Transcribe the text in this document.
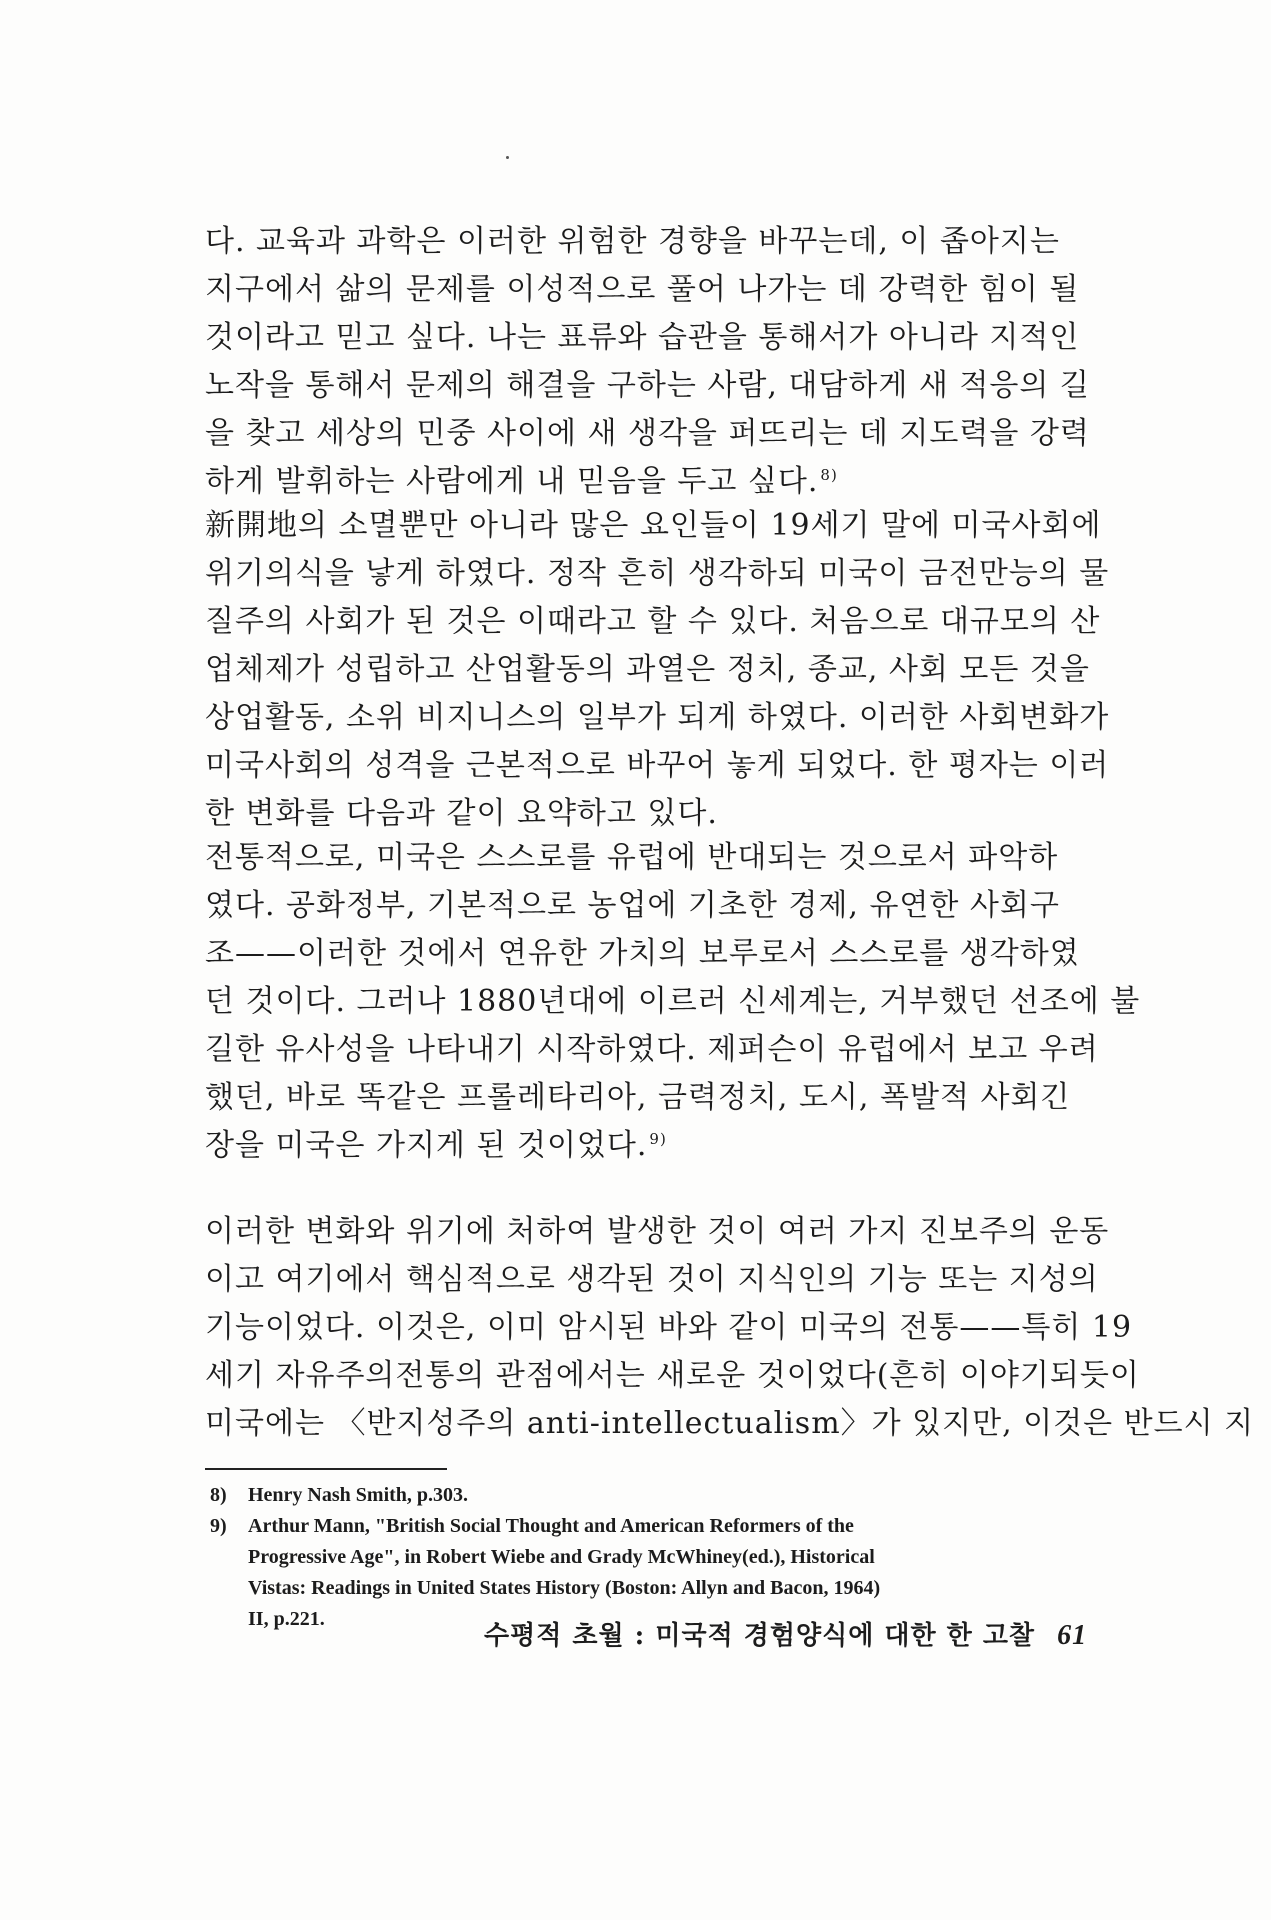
다. 교육과 과학은 이러한 위험한 경향을 바꾸는데, 이 좁아지는
지구에서 삶의 문제를 이성적으로 풀어 나가는 데 강력한 힘이 될
것이라고 믿고 싶다. 나는 표류와 습관을 통해서가 아니라 지적인
노작을 통해서 문제의 해결을 구하는 사람, 대담하게 새 적응의 길
을 찾고 세상의 민중 사이에 새 생각을 퍼뜨리는 데 지도력을 강력
하게 발휘하는 사람에게 내 믿음을 두고 싶다. $^{8)}$
新開地의 소멸뿐만 아니라 많은 요인들이 19세기 말에 미국사회에
위기의식을 낳게 하였다. 정작 흔히 생각하되 미국이 금전만능의 물
질주의 사회가 된 것은 이때라고 할 수 있다. 처음으로 대규모의 산
업체제가 성립하고 산업활동의 과열은 정치, 종교, 사회 모든 것을
상업활동, 소위 비지니스의 일부가 되게 하였다. 이러한 사회변화가
미국사회의 성격을 근본적으로 바꾸어 놓게 되었다. 한 평자는 이러
한 변화를 다음과 같이 요약하고 있다.
전통적으로, 미국은 스스로를 유럽에 반대되는 것으로서 파악하
였다. 공화정부, 기본적으로 농업에 기초한 경제, 유연한 사회구
조——이러한 것에서 연유한 가치의 보루로서 스스로를 생각하였
던 것이다. 그러나 1880년대에 이르러 신세계는, 거부했던 선조에 불
길한 유사성을 나타내기 시작하였다. 제퍼슨이 유럽에서 보고 우려
했던, 바로 똑같은 프롤레타리아, 금력정치, 도시, 폭발적 사회긴
장을 미국은 가지게 된 것이었다. $^{9)}$
이러한 변화와 위기에 처하여 발생한 것이 여러 가지 진보주의 운동
이고 여기에서 핵심적으로 생각된 것이 지식인의 기능 또는 지성의
기능이었다. 이것은, 이미 암시된 바와 같이 미국의 전통——특히 19
세기 자유주의전통의 관점에서는 새로운 것이었다(흔히 이야기되듯이
미국에는 〈반지성주의 anti-intellectualism〉가 있지만, 이것은 반드시 지
8) Henry Nash Smith, p.303.
9) Arthur Mann, "British Social Thought and American Reformers of the
Progressive Age", in Robert Wiebe and Grady McWhiney(ed.), Historical
Vistas: Readings in United States History (Boston: Allyn and Bacon, 1964)
II, p.221.
수평적 초월 : 미국적 경험양식에 대한 한 고찰 61
